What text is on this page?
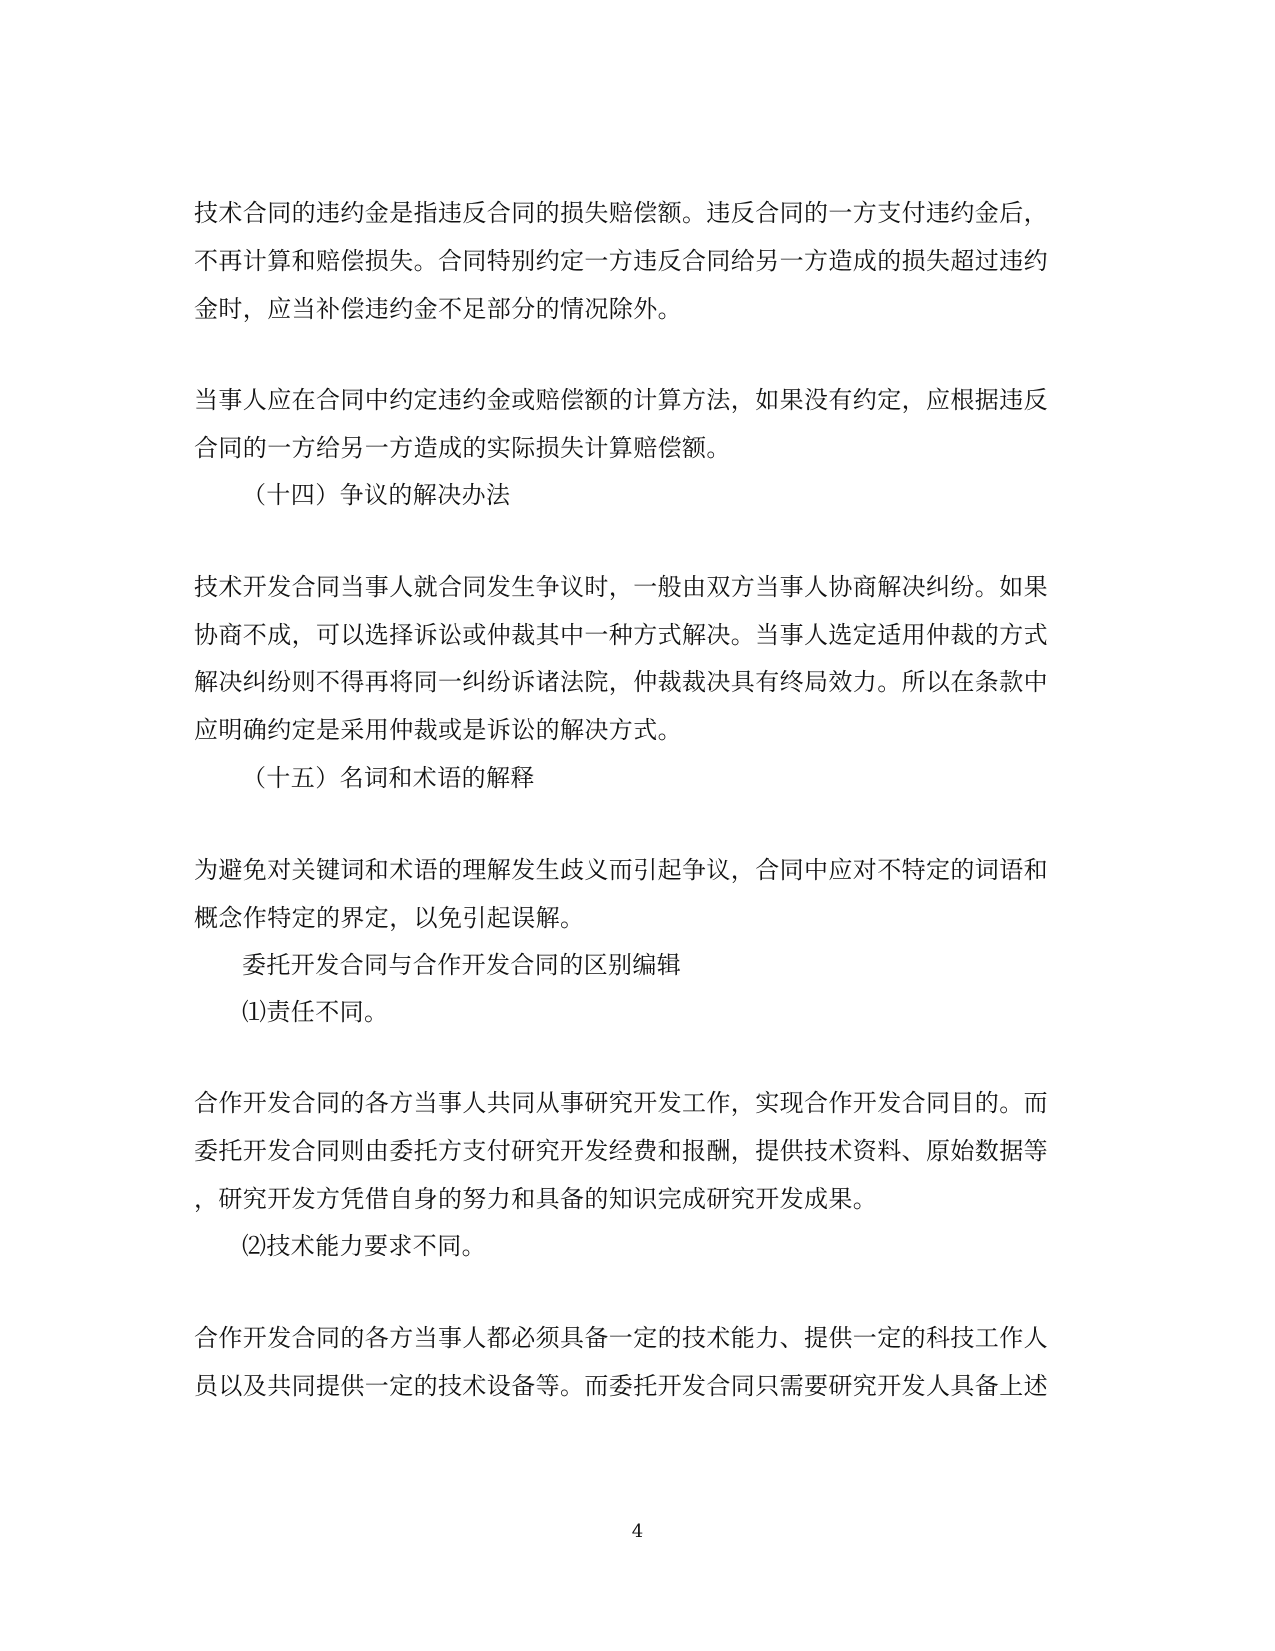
技术合同的违约金是指违反合同的损失赔偿额。违反合同的一方支付违约金后，
不再计算和赔偿损失。合同特别约定一方违反合同给另一方造成的损失超过违约
金时，应当补偿违约金不足部分的情况除外。
当事人应在合同中约定违约金或赔偿额的计算方法，如果没有约定，应根据违反
合同的一方给另一方造成的实际损失计算赔偿额。
（十四）争议的解决办法
技术开发合同当事人就合同发生争议时，一般由双方当事人协商解决纠纷。如果
协商不成，可以选择诉讼或仲裁其中一种方式解决。当事人选定适用仲裁的方式
解决纠纷则不得再将同一纠纷诉诸法院，仲裁裁决具有终局效力。所以在条款中
应明确约定是采用仲裁或是诉讼的解决方式。
（十五）名词和术语的解释
为避免对关键词和术语的理解发生歧义而引起争议，合同中应对不特定的词语和
概念作特定的界定，以免引起误解。
委托开发合同与合作开发合同的区别编辑
⑴责任不同。
合作开发合同的各方当事人共同从事研究开发工作，实现合作开发合同目的。而
委托开发合同则由委托方支付研究开发经费和报酬，提供技术资料、原始数据等
，研究开发方凭借自身的努力和具备的知识完成研究开发成果。
⑵技术能力要求不同。
合作开发合同的各方当事人都必须具备一定的技术能力、提供一定的科技工作人
员以及共同提供一定的技术设备等。而委托开发合同只需要研究开发人具备上述
4
